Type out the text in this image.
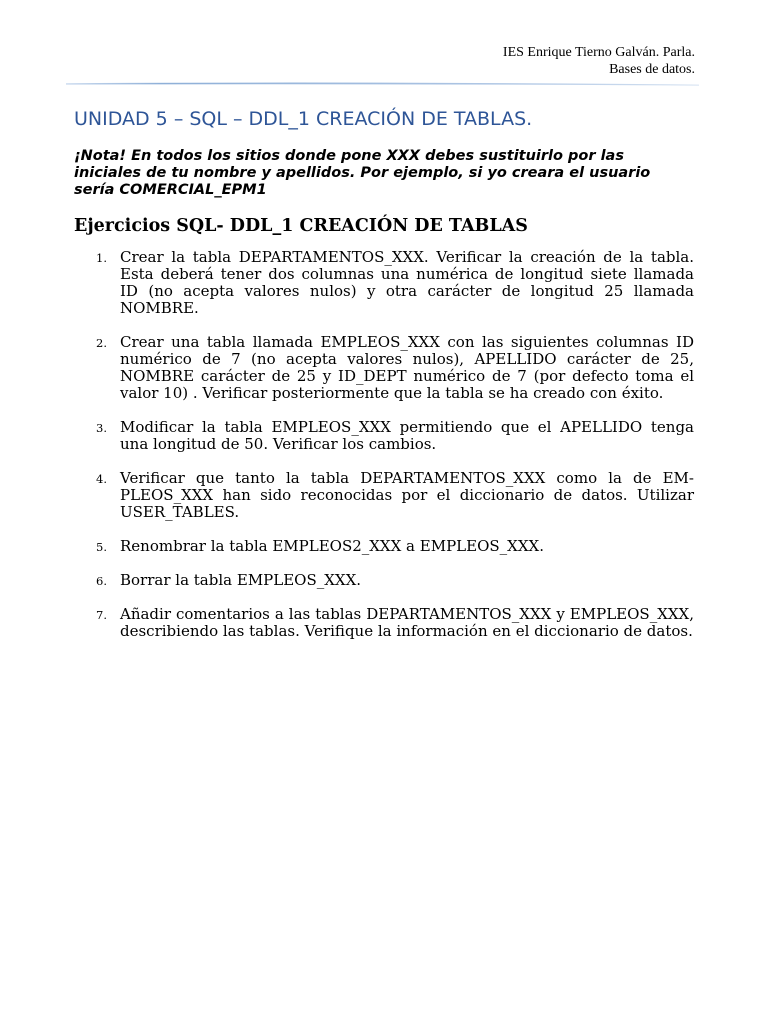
IES Enrique Tierno Galván. Parla.
Bases de datos.
UNIDAD 5 – SQL – DDL_1 CREACIÓN DE TABLAS.

¡Nota! En todos los sitios donde pone XXX debes sustituirlo por las iniciales de tu nombre y apellidos. Por ejemplo, si yo creara el usuario sería COMERCIAL_EPM1

Ejercicios SQL- DDL_1 CREACIÓN DE TABLAS
1. Crear la tabla DEPARTAMENTOS_XXX. Verificar la creación de la tabla. Esta deberá tener dos columnas una numérica de longitud siete llamada ID (no acepta valores nulos) y otra carácter de longitud 25 llamada NOMBRE.
2. Crear una tabla llamada EMPLEOS_XXX con las siguientes columnas ID numérico de 7 (no acepta valores nulos), APELLIDO carácter de 25, NOMBRE carácter de 25 y ID_DEPT numérico de 7 (por defecto toma el valor 10) . Verificar posteriormente que la tabla se ha creado con éxito.
3. Modificar la tabla EMPLEOS_XXX permitiendo que el APELLIDO tenga una longitud de 50. Verificar los cambios.
4. Verificar que tanto la tabla DEPARTAMENTOS_XXX como la de EMPLEOS_XXX han sido reconocidas por el diccionario de datos. Utilizar USER_TABLES.
5. Renombrar la tabla EMPLEOS2_XXX a EMPLEOS_XXX.
6. Borrar la tabla EMPLEOS_XXX.
7. Añadir comentarios a las tablas DEPARTAMENTOS_XXX y EMPLEOS_XXX, describiendo las tablas. Verifique la información en el diccionario de datos.
